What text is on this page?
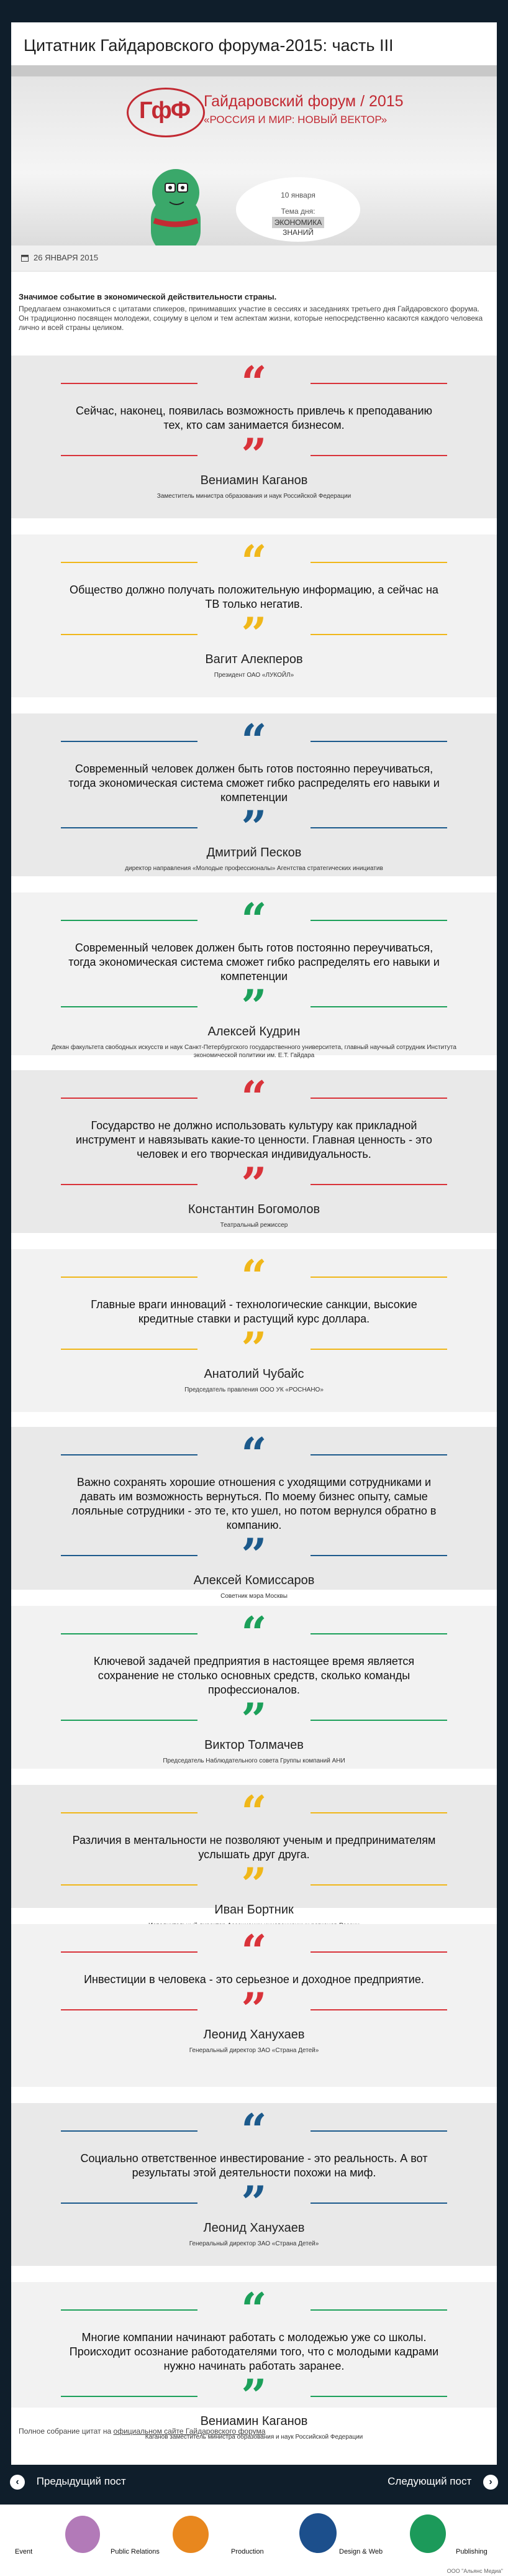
Цитатник Гайдаровского форума-2015: часть III
ГфФ Гайдаровский форум / 2015
«РОССИЯ И МИР: НОВЫЙ ВЕКТОР»
10 января
Тема дня:
ЭКОНОМИКА
ЗНАНИЙ
26 ЯНВАРЯ 2015
Значимое событие в экономической действительности страны.
Предлагаем ознакомиться с цитатами спикеров, принимавших участие в сессиях и заседаниях третьего дня Гайдаровского форума. Он традиционно посвящен молодежи, социуму в целом и тем аспектам жизни, которые непосредственно касаются каждого человека лично и всей страны целиком.
“
Сейчас, наконец, появилась возможность привлечь к преподаванию тех, кто сам занимается бизнесом.
”
Вениамин Каганов
Заместитель министра образования и наук Российской Федерации
“
Общество должно получать положительную информацию, а сейчас на ТВ только негатив.
”
Вагит Алекперов
Президент ОАО «ЛУКОЙЛ»
“
Современный человек должен быть готов постоянно переучиваться, тогда экономическая система сможет гибко распределять его навыки и компетенции
”
Дмитрий Песков
директор направления «Молодые профессионалы» Агентства стратегических инициатив
“
Современный человек должен быть готов постоянно переучиваться, тогда экономическая система сможет гибко распределять его навыки и компетенции
”
Алексей Кудрин
Декан факультета свободных искусств и наук Санкт-Петербургского государственного университета, главный научный сотрудник Института экономической политики им. Е.Т. Гайдара
“
Государство не должно использовать культуру как прикладной инструмент и навязывать какие-то ценности. Главная ценность - это человек и его творческая индивидуальность.
”
Константин Богомолов
Театральный режиссер
“
Главные враги инноваций - технологические санкции, высокие кредитные ставки и растущий курс доллара.
”
Анатолий Чубайс
Председатель правления ООО УК «РОСНАНО»
“
Важно сохранять хорошие отношения с уходящими сотрудниками и давать им возможность вернуться. По моему бизнес опыту, самые лояльные сотрудники - это те, кто ушел, но потом вернулся обратно в компанию.
”
Алексей Комиссаров
Советник мэра Москвы
“
Ключевой задачей предприятия в настоящее время является сохранение не столько основных средств, сколько команды профессионалов.
”
Виктор Толмачев
Председатель Наблюдательного совета Группы компаний АНИ
“
Различия в ментальности не позволяют ученым и предпринимателям услышать друг друга.
”
Иван Бортник
“
Инвестиции в человека - это серьезное и доходное предприятие.
”
Леонид Ханухаев
Генеральный директор ЗАО «Страна Детей»
“
Социально ответственное инвестирование - это реальность. А вот результаты этой деятельности похожи на миф.
”
Леонид Ханухаев
Генеральный директор ЗАО «Страна Детей»
“
Многие компании начинают работать с молодежью уже со школы. Происходит осознание работодателями того, что с молодыми кадрами нужно начинать работать заранее.
”
Вениамин Каганов
Каганов заместитель министра образования и наук Российской Федерации
Полное собрание цитат на официальном сайте Гайдаровского форума
‹ Предыдущий пост	Следующий пост ›
Event	Public Relations	Production	Design & Web	Publishing
ООО "Альянс Медиа"
